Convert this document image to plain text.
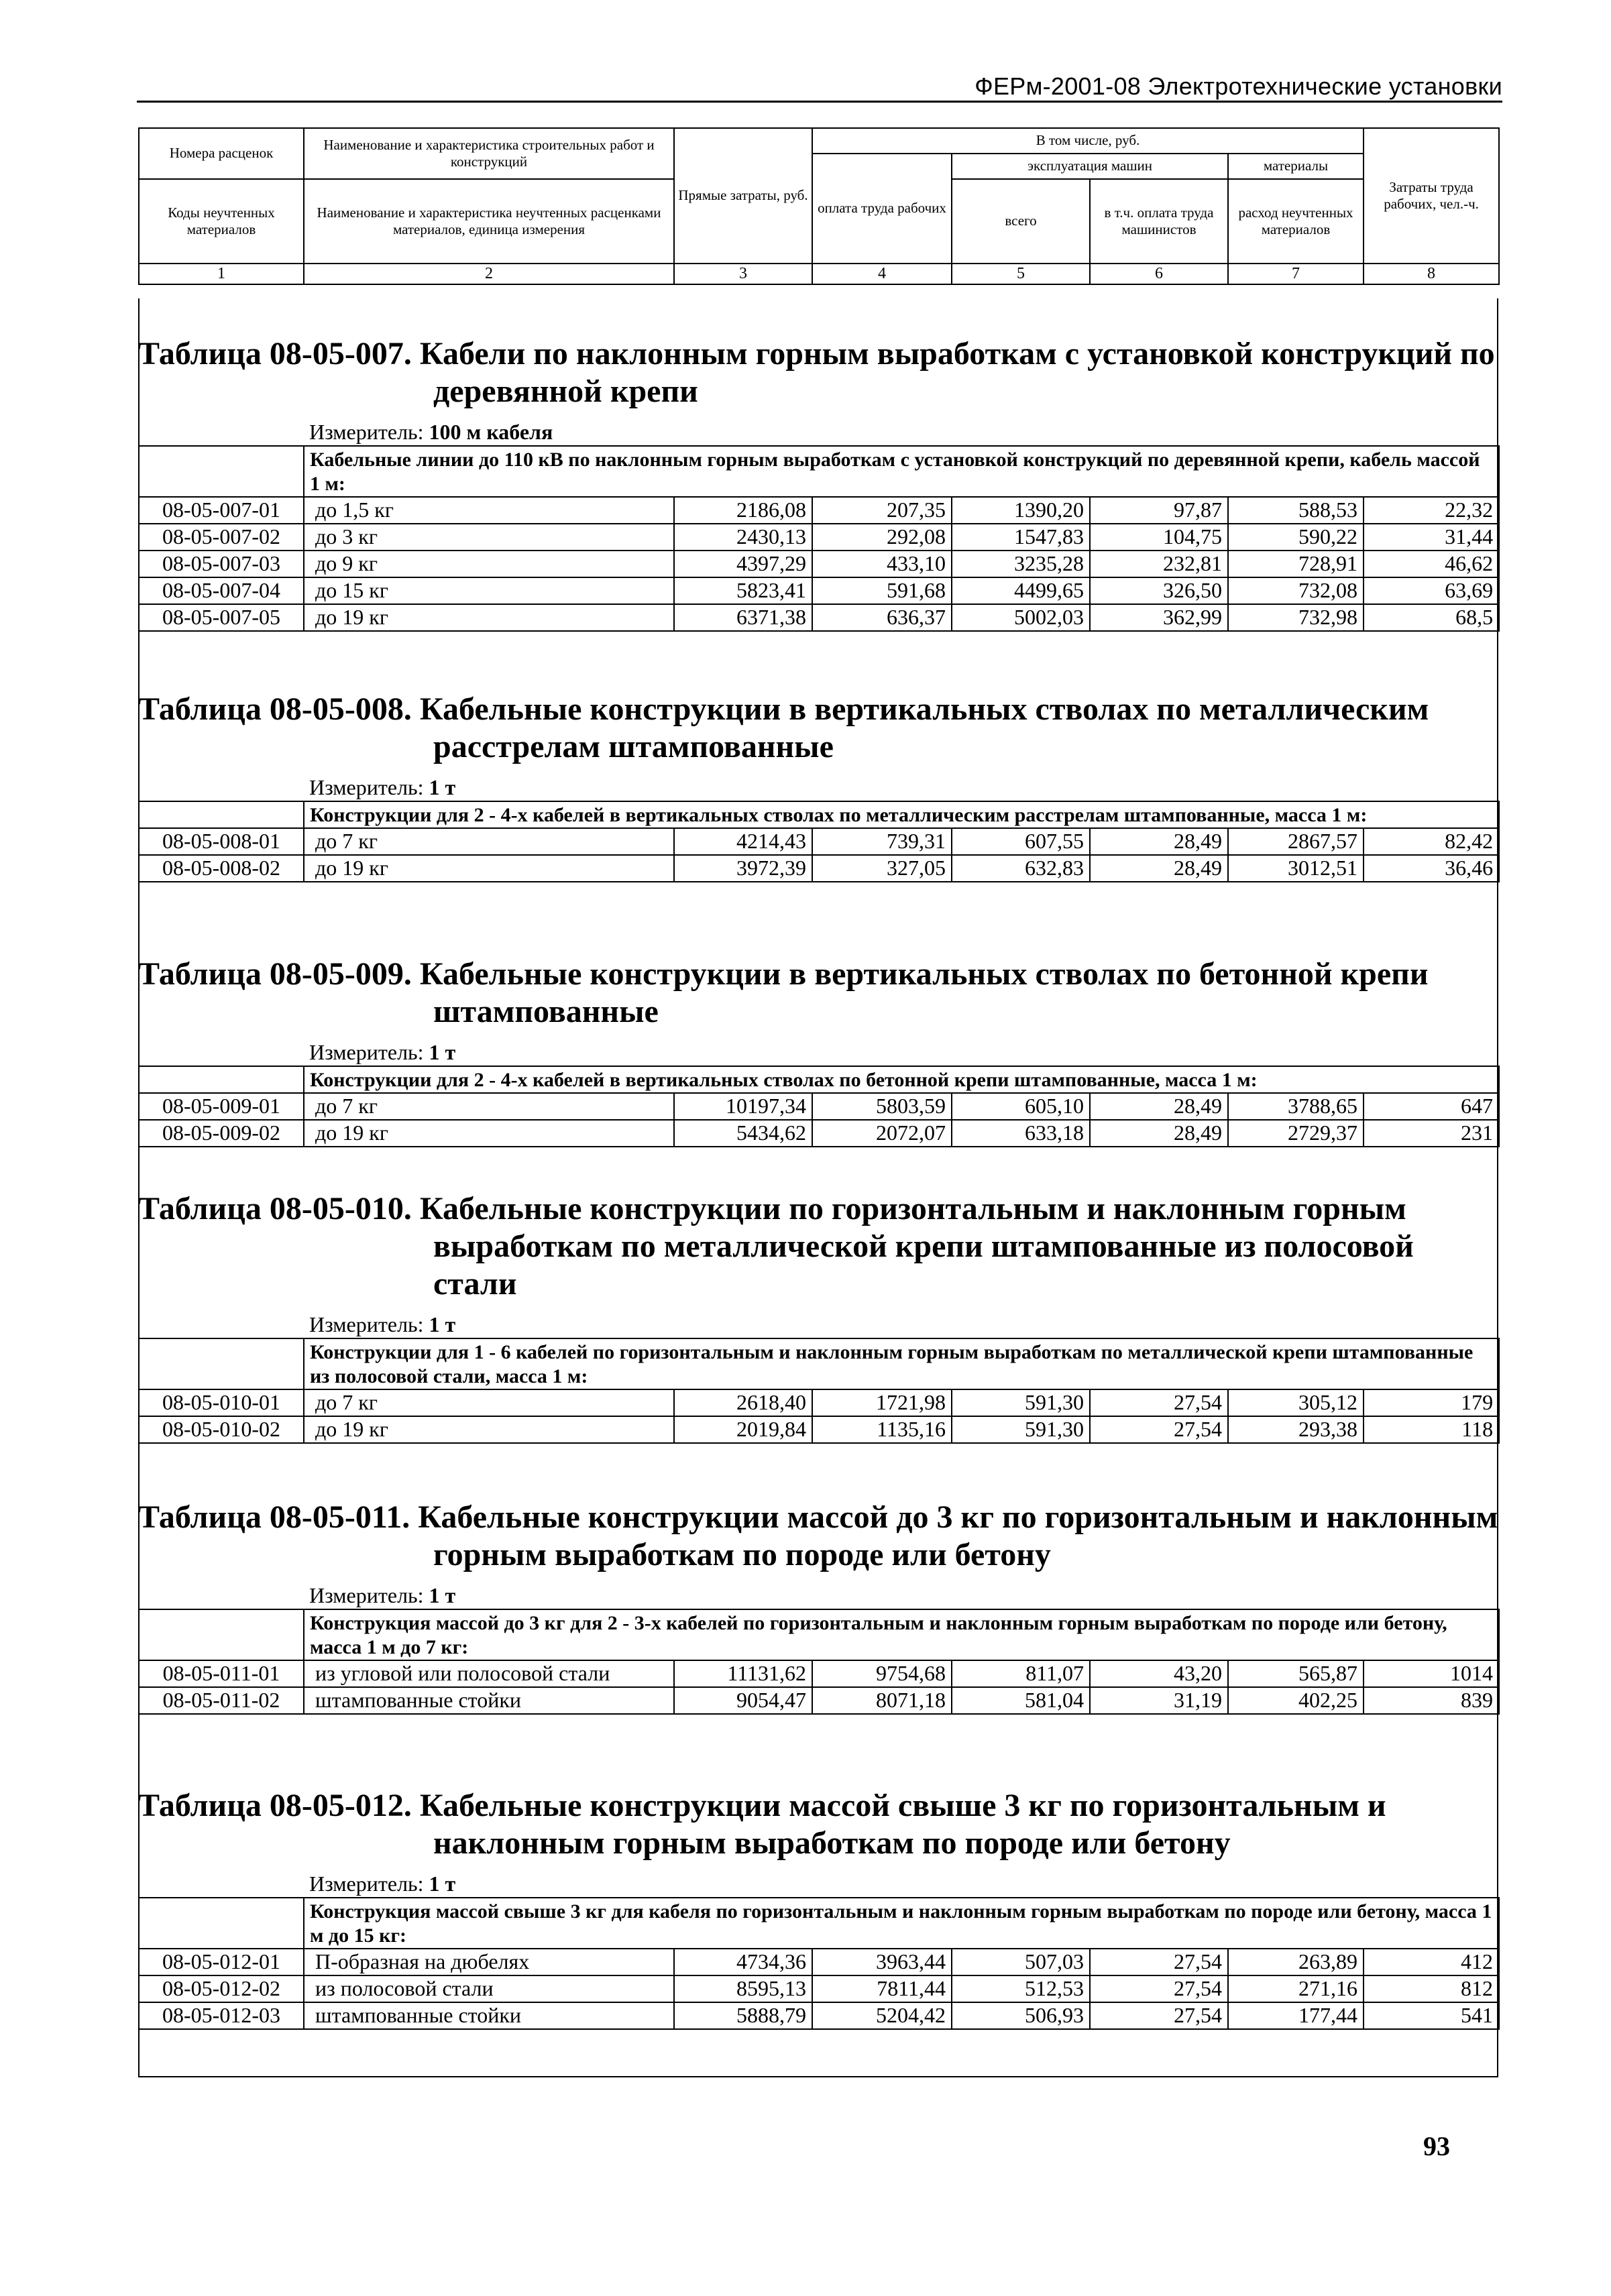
ФЕРм-2001-08 Электротехнические установки
Номера расценок	Наименование и характеристика строительных работ и конструкций	Прямые затраты, руб.	В том числе, руб.				Затраты труда рабочих, чел.-ч.
			оплата труда рабочих	эксплуатация машин		материалы	
Коды неучтенных материалов	Наименование и характеристика неучтенных расценками материалов, единица измерения			всего	в т.ч. оплата труда машинистов	расход неучтенных материалов	

1	2	3	4	5	6	7	8
Таблица 08-05-007. Кабели по наклонным горным выработкам с установкой конструкций по деревянной крепи
Измеритель: 100 м кабеля
	Кабельные линии до 110 кВ по наклонным горным выработкам с установкой конструкций по деревянной крепи, кабель массой 1 м:						
08-05-007-01	до 1,5 кг	2186,08	207,35	1390,20	97,87	588,53	22,32
08-05-007-02	до 3 кг	2430,13	292,08	1547,83	104,75	590,22	31,44
08-05-007-03	до 9 кг	4397,29	433,10	3235,28	232,81	728,91	46,62
08-05-007-04	до 15 кг	5823,41	591,68	4499,65	326,50	732,08	63,69
08-05-007-05	до 19 кг	6371,38	636,37	5002,03	362,99	732,98	68,5
Таблица 08-05-008. Кабельные конструкции в вертикальных стволах по металлическим расстрелам штампованные
Измеритель: 1 т
	Конструкции для 2 - 4-х кабелей в вертикальных стволах по металлическим расстрелам штампованные, масса 1 м:						
08-05-008-01	до 7 кг	4214,43	739,31	607,55	28,49	2867,57	82,42
08-05-008-02	до 19 кг	3972,39	327,05	632,83	28,49	3012,51	36,46
Таблица 08-05-009. Кабельные конструкции в вертикальных стволах по бетонной крепи штампованные
Измеритель: 1 т
	Конструкции для 2 - 4-х кабелей в вертикальных стволах по бетонной крепи штампованные, масса 1 м:						
08-05-009-01	до 7 кг	10197,34	5803,59	605,10	28,49	3788,65	647
08-05-009-02	до 19 кг	5434,62	2072,07	633,18	28,49	2729,37	231
Таблица 08-05-010. Кабельные конструкции по горизонтальным и наклонным горным выработкам по металлической крепи штампованные из полосовой стали
Измеритель: 1 т
	Конструкции для 1 - 6 кабелей по горизонтальным и наклонным горным выработкам по металлической крепи штампованные из полосовой стали, масса 1 м:						
08-05-010-01	до 7 кг	2618,40	1721,98	591,30	27,54	305,12	179
08-05-010-02	до 19 кг	2019,84	1135,16	591,30	27,54	293,38	118
Таблица 08-05-011. Кабельные конструкции массой до 3 кг по горизонтальным и наклонным горным выработкам по породе или бетону
Измеритель: 1 т
	Конструкция массой до 3 кг для 2 - 3-х кабелей по горизонтальным и наклонным горным выработкам по породе или бетону, масса 1 м до 7 кг:						
08-05-011-01	из угловой или полосовой стали	11131,62	9754,68	811,07	43,20	565,87	1014
08-05-011-02	штампованные стойки	9054,47	8071,18	581,04	31,19	402,25	839
Таблица 08-05-012. Кабельные конструкции массой свыше 3 кг по горизонтальным и наклонным горным выработкам по породе или бетону
Измеритель: 1 т
	Конструкция массой свыше 3 кг для кабеля по горизонтальным и наклонным горным выработкам по породе или бетону, масса 1 м до 15 кг:						
08-05-012-01	П-образная на дюбелях	4734,36	3963,44	507,03	27,54	263,89	412
08-05-012-02	из полосовой стали	8595,13	7811,44	512,53	27,54	271,16	812
08-05-012-03	штампованные стойки	5888,79	5204,42	506,93	27,54	177,44	541
93
